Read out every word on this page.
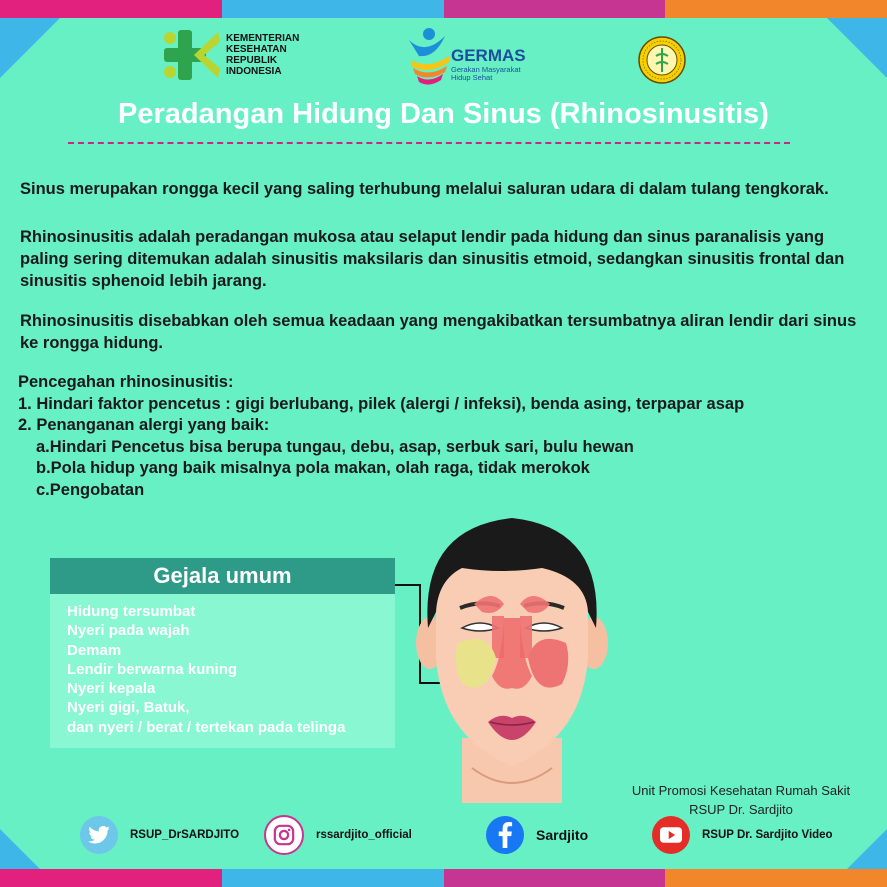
KEMENTERIAN
KESEHATAN
REPUBLIK
INDONESIA
GERMAS
Gerakan Masyarakat
Hidup Sehat
Peradangan Hidung Dan Sinus (Rhinosinusitis)
Sinus merupakan rongga kecil yang saling terhubung melalui saluran udara di dalam tulang tengkorak.
Rhinosinusitis adalah peradangan mukosa atau selaput lendir pada hidung dan sinus paranalisis yang paling sering ditemukan adalah sinusitis maksilaris dan sinusitis etmoid, sedangkan sinusitis frontal dan sinusitis sphenoid lebih jarang.
Rhinosinusitis disebabkan oleh semua keadaan yang mengakibatkan tersumbatnya aliran lendir dari sinus ke rongga hidung.
Pencegahan rhinosinusitis:
1. Hindari faktor pencetus : gigi berlubang, pilek (alergi / infeksi), benda asing, terpapar asap
2. Penanganan alergi yang baik:
a.Hindari Pencetus bisa berupa tungau, debu, asap, serbuk sari, bulu hewan
b.Pola hidup yang baik misalnya pola makan, olah raga, tidak merokok
c.Pengobatan
Gejala umum
Hidung tersumbat
Nyeri pada wajah
Demam
Lendir berwarna kuning
Nyeri kepala
Nyeri gigi, Batuk,
dan nyeri / berat / tertekan pada telinga
Unit Promosi Kesehatan Rumah Sakit
RSUP Dr. Sardjito
RSUP_DrSARDJITO	rssardjito_official	Sardjito	RSUP Dr. Sardjito Video
